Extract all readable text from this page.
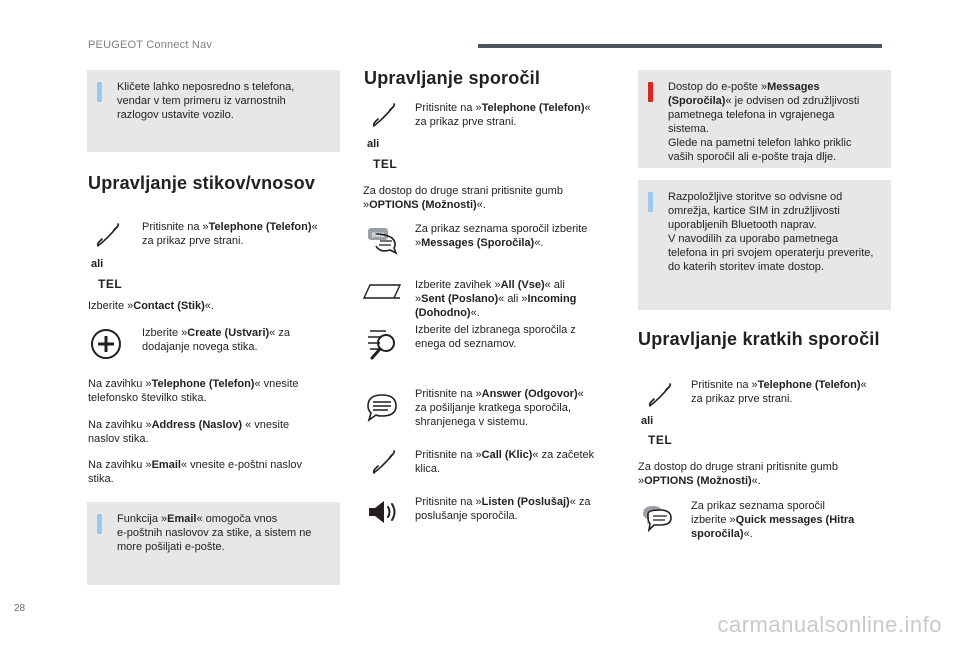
PEUGEOT Connect Nav
Kličete lahko neposredno s telefona,
vendar v tem primeru iz varnostnih
razlogov ustavite vozilo.
Upravljanje stikov/vnosov
Pritisnite na »Telephone (Telefon)«
za prikaz prve strani.
ali
TEL
Izberite »Contact (Stik)«.
Izberite »Create (Ustvari)« za
dodajanje novega stika.
Na zavihku »Telephone (Telefon)« vnesite
telefonsko številko stika.
Na zavihku »Address (Naslov) « vnesite
naslov stika.
Na zavihku »Email« vnesite e-poštni naslov
stika.
Funkcija »Email« omogoča vnos
e-poštnih naslovov za stike, a sistem ne
more pošiljati e-pošte.
Upravljanje sporočil
Pritisnite na »Telephone (Telefon)«
za prikaz prve strani.
ali
TEL
Za dostop do druge strani pritisnite gumb
»OPTIONS (Možnosti)«.
SMS
Za prikaz seznama sporočil izberite
»Messages (Sporočila)«.
Izberite zavihek »All (Vse)« ali
»Sent (Poslano)« ali »Incoming
(Dohodno)«.
Izberite del izbranega sporočila z
enega od seznamov.
Pritisnite na »Answer (Odgovor)«
za pošiljanje kratkega sporočila,
shranjenega v sistemu.
Pritisnite na »Call (Klic)« za začetek
klica.
Pritisnite na »Listen (Poslušaj)« za
poslušanje sporočila.
Dostop do e-pošte »Messages
(Sporočila)« je odvisen od združljivosti
pametnega telefona in vgrajenega
sistema.
Glede na pametni telefon lahko priklic
vaših sporočil ali e-pošte traja dlje.
Razpoložljive storitve so odvisne od
omrežja, kartice SIM in združljivosti
uporabljenih Bluetooth naprav.
V navodilih za uporabo pametnega
telefona in pri svojem operaterju preverite,
do katerih storitev imate dostop.
Upravljanje kratkih sporočil
Pritisnite na »Telephone (Telefon)«
za prikaz prve strani.
ali
TEL
Za dostop do druge strani pritisnite gumb
»OPTIONS (Možnosti)«.
Za prikaz seznama sporočil
izberite »Quick messages (Hitra
sporočila)«.
28
carmanualsonline.info
